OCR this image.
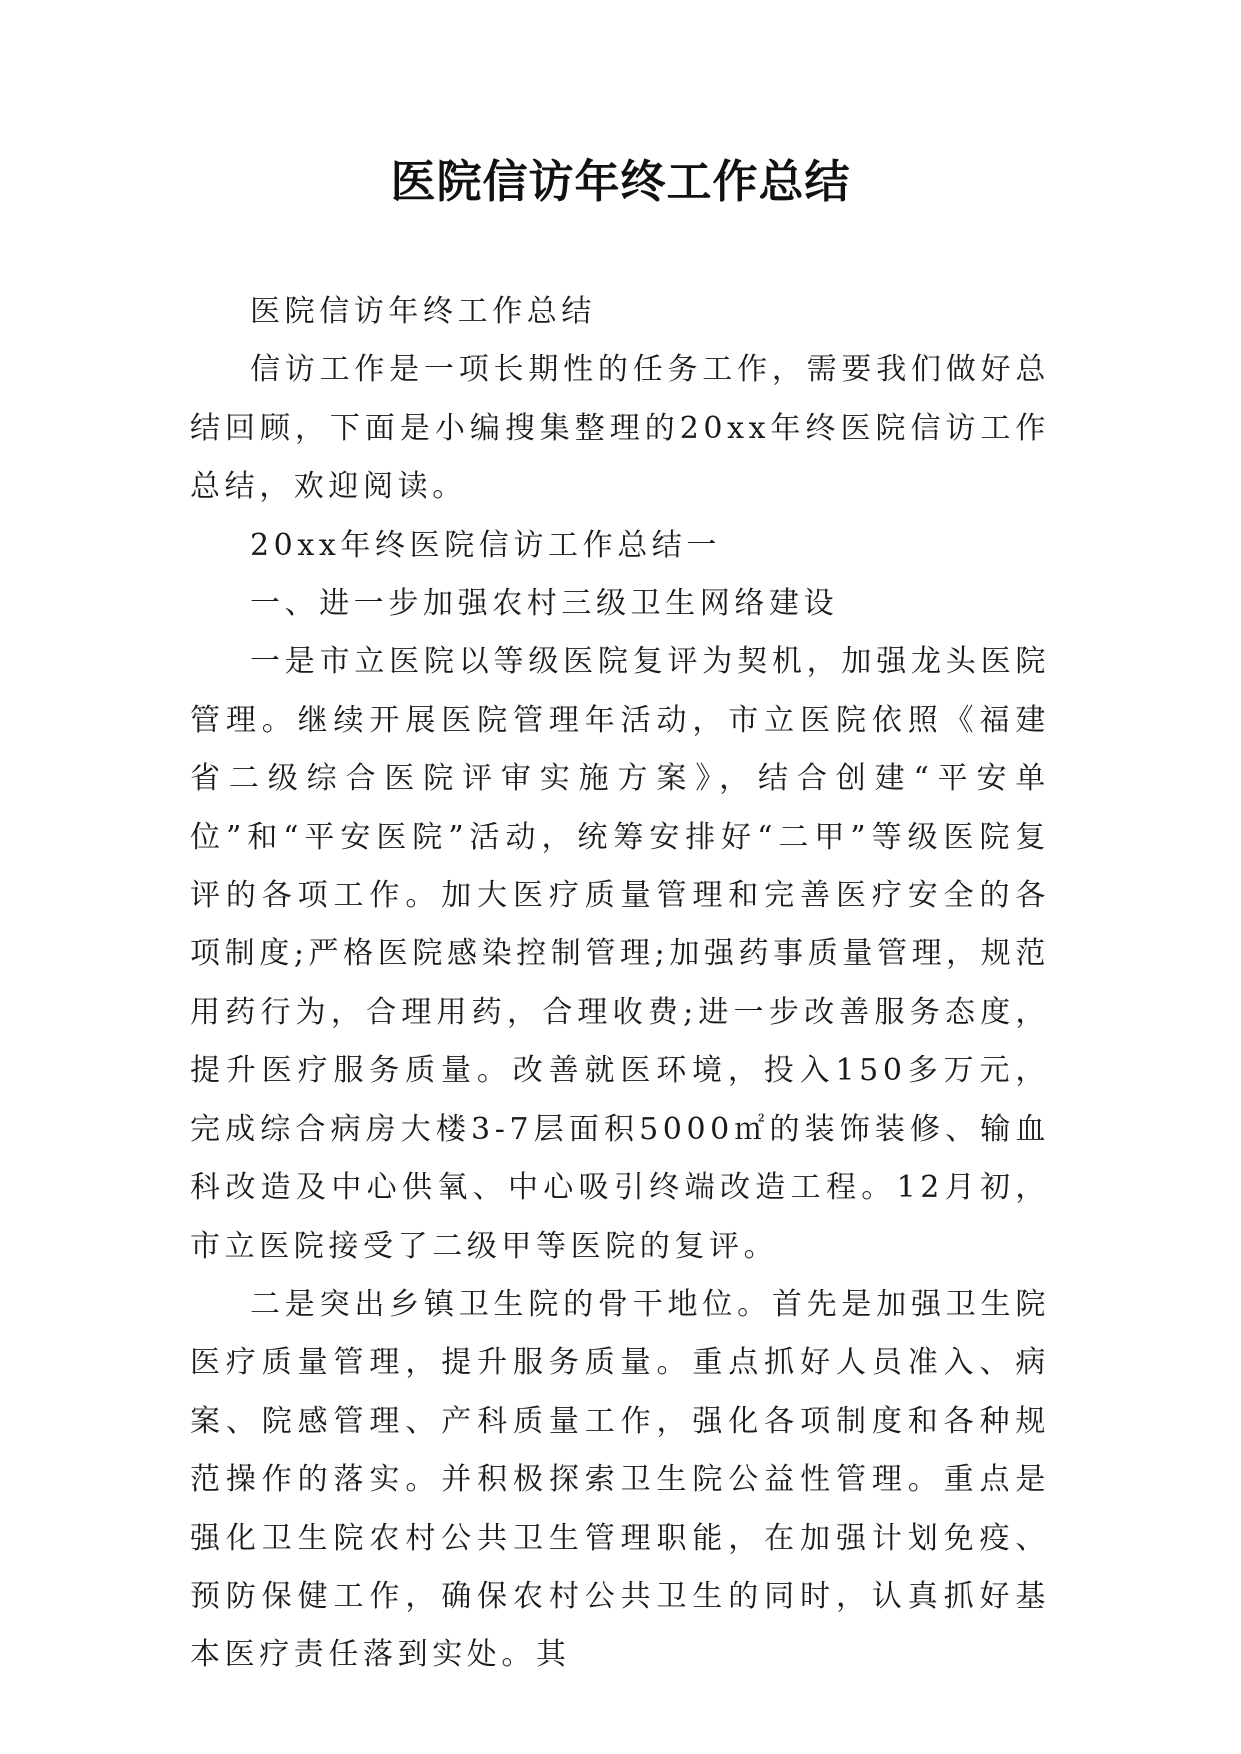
医院信访年终工作总结

医院信访年终工作总结

信访工作是一项长期性的任务工作，需要我们做好总结回顾，下面是小编搜集整理的20xx年终医院信访工作总结，欢迎阅读。

20xx年终医院信访工作总结一

一、进一步加强农村三级卫生网络建设

一是市立医院以等级医院复评为契机，加强龙头医院管理。继续开展医院管理年活动，市立医院依照《福建省二级综合医院评审实施方案》，结合创建“平安单位”和“平安医院”活动，统筹安排好“二甲”等级医院复评的各项工作。加大医疗质量管理和完善医疗安全的各项制度;严格医院感染控制管理;加强药事质量管理，规范用药行为，合理用药，合理收费;进一步改善服务态度，提升医疗服务质量。改善就医环境，投入150多万元，完成综合病房大楼3-7层面积5000㎡的装饰装修、输血科改造及中心供氧、中心吸引终端改造工程。12月初，市立医院接受了二级甲等医院的复评。

二是突出乡镇卫生院的骨干地位。首先是加强卫生院医疗质量管理，提升服务质量。重点抓好人员准入、病案、院感管理、产科质量工作，强化各项制度和各种规范操作的落实。并积极探索卫生院公益性管理。重点是强化卫生院农村公共卫生管理职能，在加强计划免疫、预防保健工作，确保农村公共卫生的同时，认真抓好基本医疗责任落到实处。其
